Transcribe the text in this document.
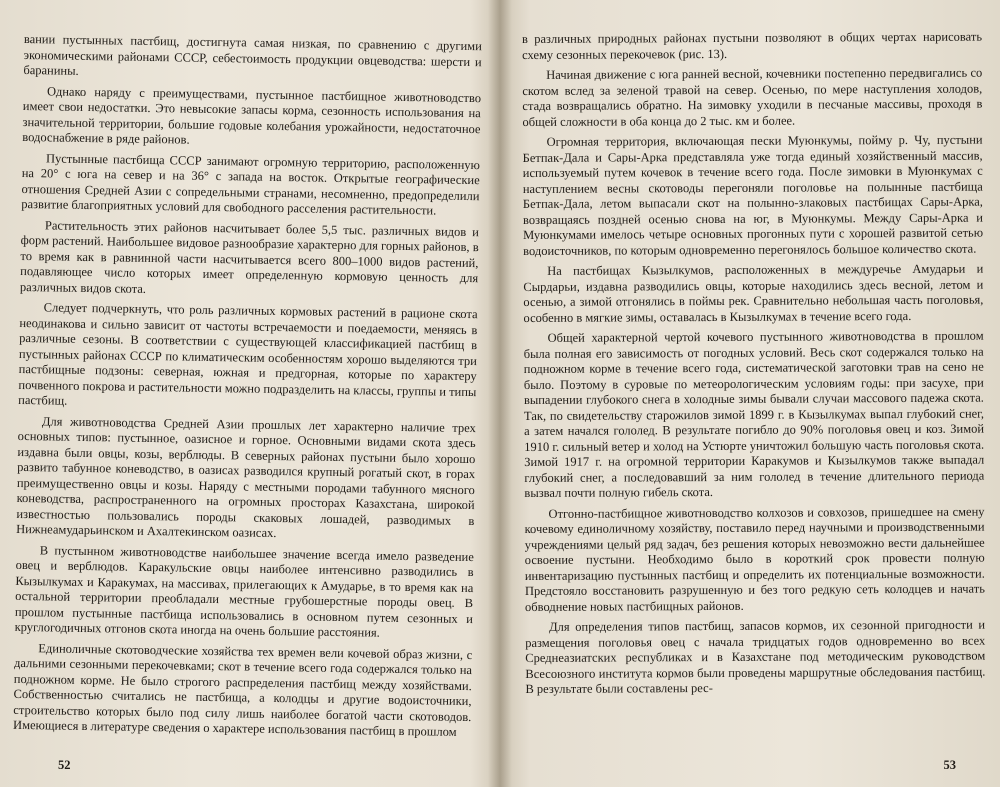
вании пустынных пастбищ, достигнута самая низкая, по сравнению с другими экономическими районами СССР, себестоимость продукции овцеводства: шерсти и баранины.

Однако наряду с преимуществами, пустынное пастбищное животноводство имеет свои недостатки. Это невысокие запасы корма, сезонность использования на значительной территории, большие годовые колебания урожайности, недостаточное водоснабжение в ряде районов.

Пустынные пастбища СССР занимают огромную территорию, расположенную на 20° с юга на север и на 36° с запада на восток. Открытые географические отношения Средней Азии с сопредельными странами, несомненно, предопределили развитие благоприятных условий для свободного расселения растительности.

Растительность этих районов насчитывает более 5,5 тыс. различных видов и форм растений. Наибольшее видовое разнообразие характерно для горных районов, в то время как в равнинной части насчитывается всего 800–1000 видов растений, подавляющее число которых имеет определенную кормовую ценность для различных видов скота.

Следует подчеркнуть, что роль различных кормовых растений в рационе скота неодинакова и сильно зависит от частоты встречаемости и поедаемости, меняясь в различные сезоны. В соответствии с существующей классификацией пастбищ в пустынных районах СССР по климатическим особенностям хорошо выделяются три пастбищные подзоны: северная, южная и предгорная, которые по характеру почвенного покрова и растительности можно подразделить на классы, группы и типы пастбищ.

Для животноводства Средней Азии прошлых лет характерно наличие трех основных типов: пустынное, оазисное и горное. Основными видами скота здесь издавна были овцы, козы, верблюды. В северных районах пустыни было хорошо развито табунное коневодство, в оазисах разводился крупный рогатый скот, в горах преимущественно овцы и козы. Наряду с местными породами табунного мясного коневодства, распространенного на огромных просторах Казахстана, широкой известностью пользовались породы скаковых лошадей, разводимых в Нижнеамударьинском и Ахалтекинском оазисах.

В пустынном животноводстве наибольшее значение всегда имело разведение овец и верблюдов. Каракульские овцы наиболее интенсивно разводились в Кызылкумах и Каракумах, на массивах, прилегающих к Амударье, в то время как на остальной территории преобладали местные грубошерстные породы овец. В прошлом пустынные пастбища использовались в основном путем сезонных и круглогодичных отгонов скота иногда на очень большие расстояния.

Единоличные скотоводческие хозяйства тех времен вели кочевой образ жизни, с дальними сезонными перекочевками; скот в течение всего года содержался только на подножном корме. Не было строгого распределения пастбищ между хозяйствами. Собственностью считались не пастбища, а колодцы и другие водоисточники, строительство которых было под силу лишь наиболее богатой части скотоводов. Имеющиеся в литературе сведения о характере использования пастбищ в прошлом

52

в различных природных районах пустыни позволяют в общих чертах нарисовать схему сезонных перекочевок (рис. 13).

Начиная движение с юга ранней весной, кочевники постепенно передвигались со скотом вслед за зеленой травой на север. Осенью, по мере наступления холодов, стада возвращались обратно. На зимовку уходили в песчаные массивы, проходя в общей сложности в оба конца до 2 тыс. км и более.

Огромная территория, включающая пески Муюнкумы, пойму р. Чу, пустыни Бетпак-Дала и Сары-Арка представляла уже тогда единый хозяйственный массив, используемый путем кочевок в течение всего года. После зимовки в Муюнкумах с наступлением весны скотоводы перегоняли поголовье на полынные пастбища Бетпак-Дала, летом выпасали скот на полынно-злаковых пастбищах Сары-Арка, возвращаясь поздней осенью снова на юг, в Муюнкумы. Между Сары-Арка и Муюнкумами имелось четыре основных прогонных пути с хорошей развитой сетью водоисточников, по которым одновременно перегонялось большое количество скота.

На пастбищах Кызылкумов, расположенных в междуречье Амударьи и Сырдарьи, издавна разводились овцы, которые находились здесь весной, летом и осенью, а зимой отгонялись в поймы рек. Сравнительно небольшая часть поголовья, особенно в мягкие зимы, оставалась в Кызылкумах в течение всего года.

Общей характерной чертой кочевого пустынного животноводства в прошлом была полная его зависимость от погодных условий. Весь скот содержался только на подножном корме в течение всего года, систематической заготовки трав на сено не было. Поэтому в суровые по метеорологическим условиям годы: при засухе, при выпадении глубокого снега в холодные зимы бывали случаи массового падежа скота. Так, по свидетельству старожилов зимой 1899 г. в Кызылкумах выпал глубокий снег, а затем начался гололед. В результате погибло до 90% поголовья овец и коз. Зимой 1910 г. сильный ветер и холод на Устюрте уничтожил большую часть поголовья скота. Зимой 1917 г. на огромной территории Каракумов и Кызылкумов также выпадал глубокий снег, а последовавший за ним гололед в течение длительного периода вызвал почти полную гибель скота.

Отгонно-пастбищное животноводство колхозов и совхозов, пришедшее на смену кочевому единоличному хозяйству, поставило перед научными и производственными учреждениями целый ряд задач, без решения которых невозможно вести дальнейшее освоение пустыни. Необходимо было в короткий срок провести полную инвентаризацию пустынных пастбищ и определить их потенциальные возможности. Предстояло восстановить разрушенную и без того редкую сеть колодцев и начать обводнение новых пастбищных районов.

Для определения типов пастбищ, запасов кормов, их сезонной пригодности и размещения поголовья овец с начала тридцатых годов одновременно во всех Среднеазиатских республиках и в Казахстане под методическим руководством Всесоюзного института кормов были проведены маршрутные обследования пастбищ. В результате были составлены рес-

53
